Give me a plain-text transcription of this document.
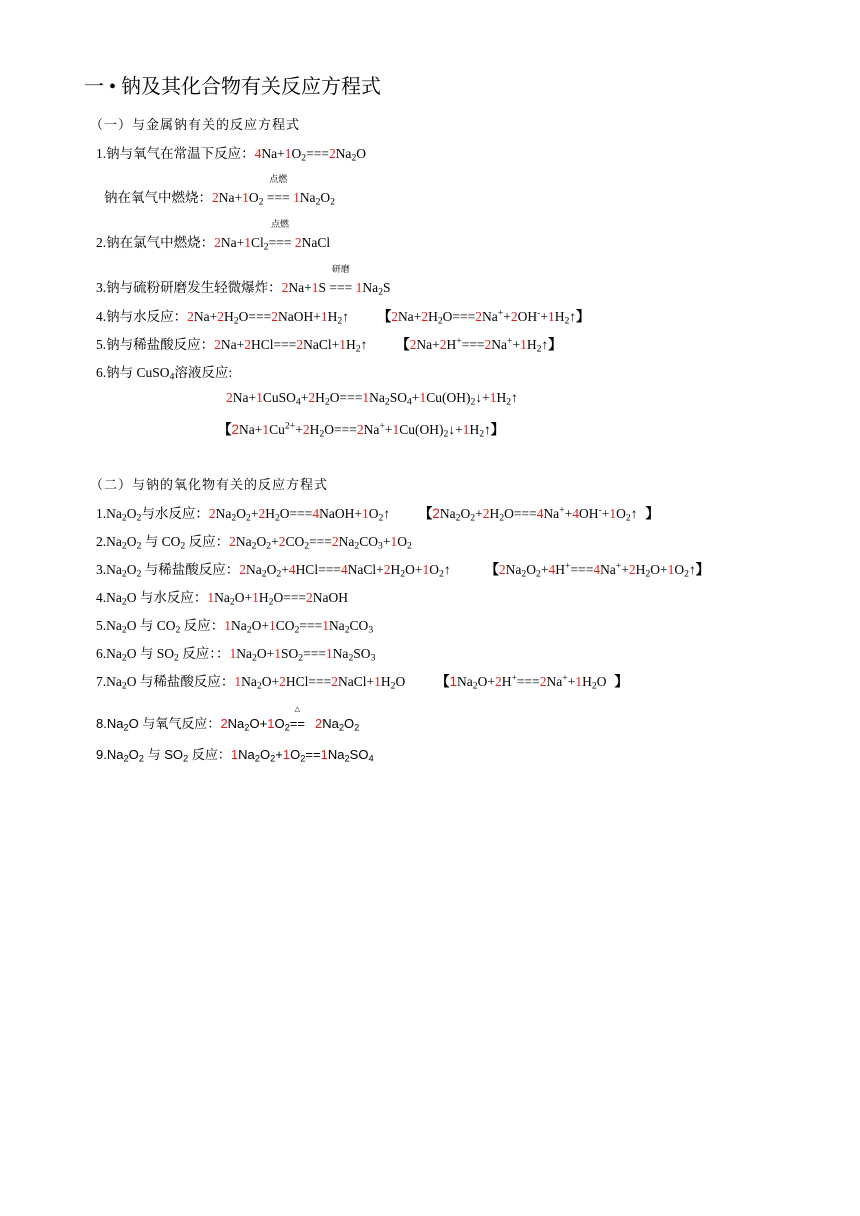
一 • 钠及其化合物有关反应方程式
（一）与金属钠有关的反应方程式
1.钠与氧气在常温下反应：$4Na+1O_2===2Na_2O$
钠在氧气中燃烧：$2Na+1O_2$
点燃
=== $1Na_2O_2$
2.钠在氯气中燃烧：$2Na+1Cl_2$
点燃
=== 2NaCl
3.钠与硫粉研磨发生轻微爆炸：2Na+1S
研磨
=== $1Na_2S$
4.钠与水反应：$2Na+2H_2O===2NaOH+1H_2↑$ 【$2Na+2H_2O===2Na^++2OH^-+1H_2↑$】
5.钠与稀盐酸反应：$2Na+2HCl===2NaCl+1H_2↑$ 【$2Na+2H^+===2Na^++1H_2↑$】
6.钠与 CuSO$_4$溶液反应:
$2Na+1CuSO_4+2H_2O===1Na_2SO_4+1Cu(OH)_2↓+1H_2↑$
【$2Na+1Cu^{2+}+2H_2O===2Na^++1Cu(OH)_2↓+1H_2↑$】
（二）与钠的氧化物有关的反应方程式
$1.Na_2O_2$与水反应：$2Na_2O_2+2H_2O===4NaOH+1O_2↑$ 【$2Na_2O_2+2H_2O===4Na^++4OH^-+1O_2↑$ 】
$2.Na_2O_2$ 与 $CO_2$ 反应：$2Na_2O_2+2CO_2===2Na_2CO_3+1O_2$
$3.Na_2O_2$ 与稀盐酸反应：$2Na_2O_2+4HCl===4NaCl+2H_2O+1O_2↑$	【$2Na_2O_2+4H^+===4Na^++2H_2O+1O_2↑$】
$4.Na_2O$ 与水反应：$1Na_2O+1H_2O===2NaOH$
$5.Na_2O$ 与 $CO_2$ 反应：$1Na_2O+1CO_2===1Na_2CO_3$
$6.Na_2O$ 与 $SO_2$ 反应：：$1Na_2O+1SO_2===1Na_2SO_3$
$7.Na_2O$ 与稀盐酸反应：$1Na_2O+2HCl===2NaCl+1H_2O$ 【$1Na_2O+2H^+===2Na^++1H_2O$ 】
$8.Na_2O$ 与氧气反应：$2Na_2O+1O_2$
△
== $2Na_2O_2$
$9.Na_2O_2$ 与 $SO_2$ 反应：$1Na_2O_2+1O_2==1Na_2SO_4$
